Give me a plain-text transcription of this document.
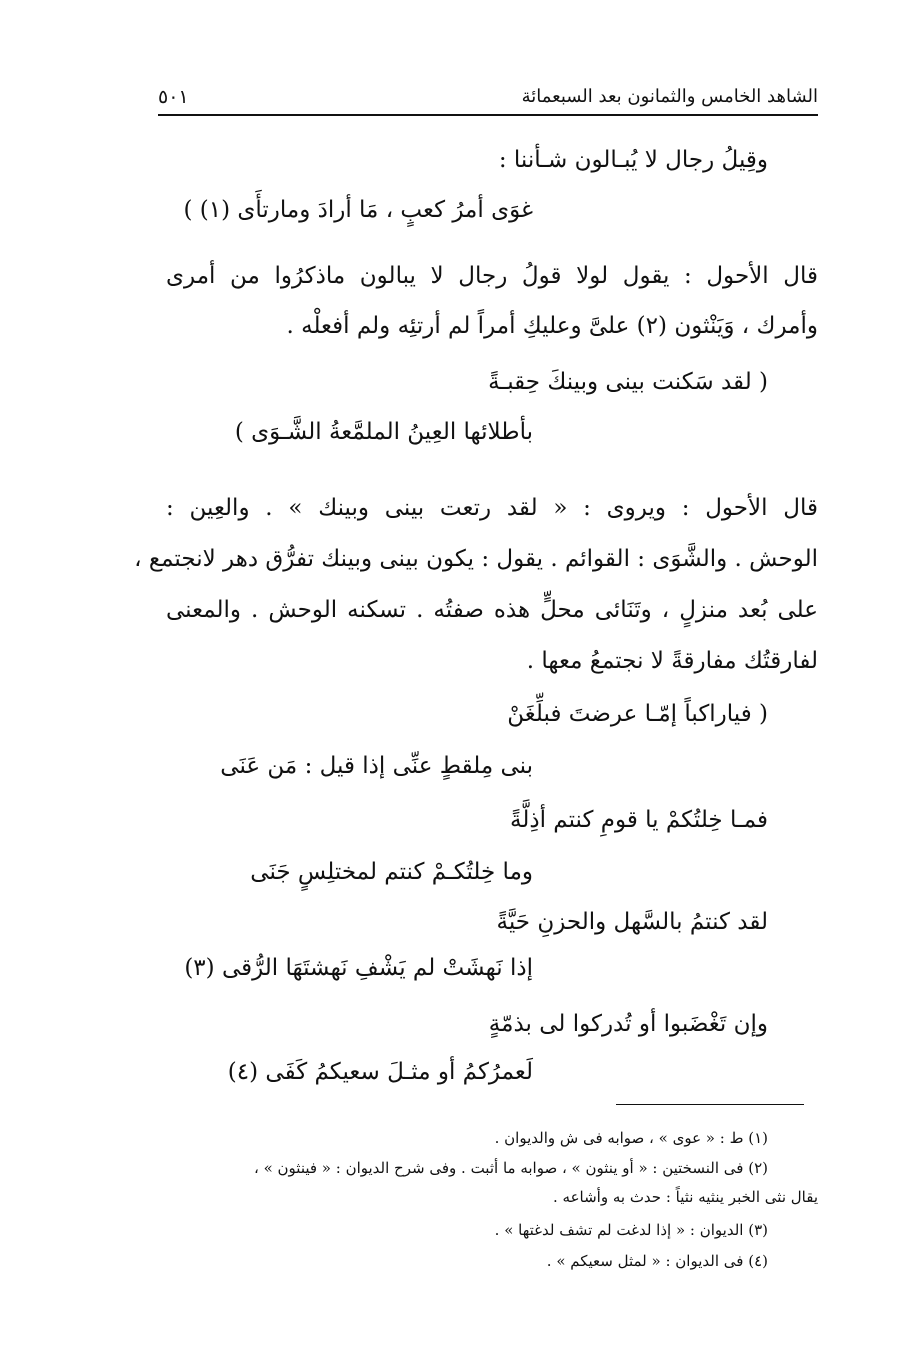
الشاهد الخامس والثمانون بعد السبعمائة
٥٠١
وقِيلُ رجال لا يُبـالون شـأننا :
غوَى أمرُ كعبٍ ، مَا أرادَ ومارتأَى (١) )
قال الأحول : يقول لولا قولُ رجال لا يبالون ماذكرُوا من أمرى
وأمرك ، وَيَنْثون (٢) علىَّ وعليكِ أمراً لم أرتئِه ولم أفعلْه .
( لقد سَكنت بينى وبينكَ حِقبـةً
بأطلائها العِينُ الملمَّعةُ الشَّـوَى )
قال الأحول : ويروى : « لقد رتعت بينى وبينك » . والعِين :
الوحش . والشَّوَى : القوائم . يقول : يكون بينى وبينك تفرُّق دهر لانجتمع ،
على بُعد منزلٍ ، وتَنَائى محلٍّ هذه صفتُه . تسكنه الوحش . والمعنى
لفارقتُك مفارقةً لا نجتمعُ معها .
( فياراكباً إمّـا عرضتَ فبلِّغَنْ
بنى مِلقطٍ عنِّى إذا قيل : مَن عَنَى
فمـا خِلتُكمْ يا قومِ كنتم أذِلَّةً
وما خِلتُكـمْ كنتم لمختلِسٍ جَنَى
لقد كنتمُ بالسَّهل والحزنِ حَيَّةً
إذا نَهشَتْ لم يَشْفِ نَهشتَهَا الرُّقى (٣)
وإن تَغْضَبوا أو تُدركوا لى بذمّةٍ
لَعمرُكمُ أو مثـلَ سعيكمُ كَفَى (٤)
(١) ط : « عوى » ، صوابه فى ش والديوان .
(٢) فى النسختين : « أو ينثون » ، صوابه ما أثبت . وفى شرح الديوان : « فينثون » ،
يقال نثى الخبر ينثيه نثياً : حدث به وأشاعه .
(٣) الديوان : « إذا لدغت لم تشف لدغتها » .
(٤) فى الديوان : « لمثل سعيكم » .
